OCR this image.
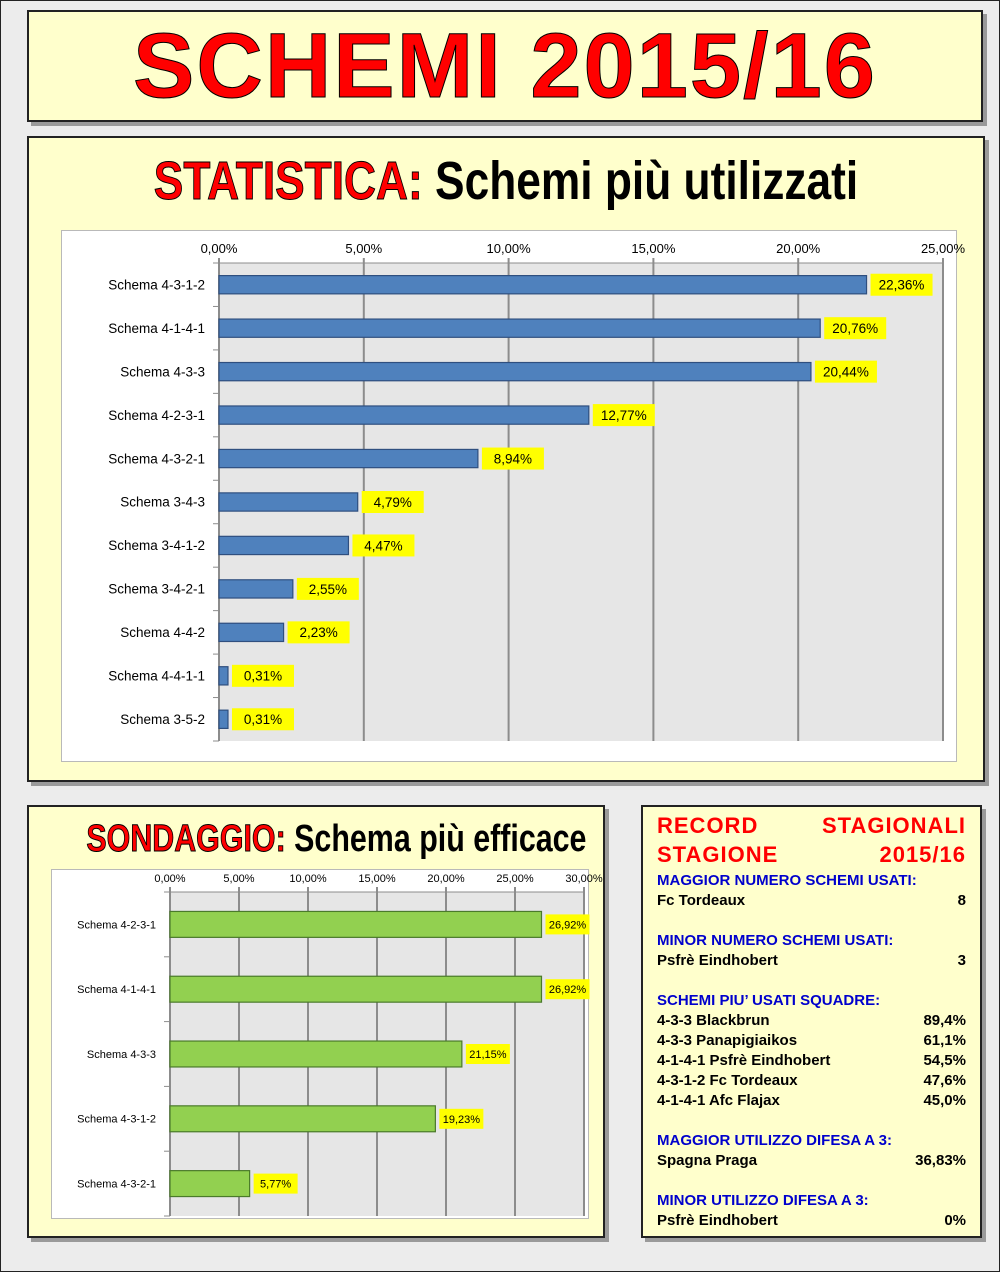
SCHEMI 2015/16
STATISTICA: Schemi più utilizzati
0,00%	5,00%	10,00%	15,00%	20,00%	25,00%
Schema 4-3-1-2	22,36%
Schema 4-1-4-1	20,76%
Schema 4-3-3	20,44%
Schema 4-2-3-1	12,77%
Schema 4-3-2-1	8,94%
Schema 3-4-3	4,79%
Schema 3-4-1-2	4,47%
Schema 3-4-2-1	2,55%
Schema 4-4-2	2,23%
Schema 4-4-1-1	0,31%
Schema 3-5-2	0,31%
SONDAGGIO: Schema più efficace
0,00%	5,00%	10,00%	15,00%	20,00%	25,00%	30,00%
Schema 4-2-3-1	26,92%
Schema 4-1-4-1	26,92%
Schema 4-3-3	21,15%
Schema 4-3-1-2	19,23%
Schema 4-3-2-1	5,77%
RECORD	STAGIONALI
STAGIONE	2015/16
MAGGIOR NUMERO SCHEMI USATI:
Fc Tordeaux	8
MINOR NUMERO SCHEMI USATI:
Psfrè Eindhobert	3
SCHEMI PIU’ USATI SQUADRE:
4-3-3 Blackbrun	89,4%
4-3-3 Panapigiaikos	61,1%
4-1-4-1 Psfrè Eindhobert	54,5%
4-3-1-2 Fc Tordeaux	47,6%
4-1-4-1 Afc Flajax	45,0%
MAGGIOR UTILIZZO DIFESA A 3:
Spagna Praga	36,83%
MINOR UTILIZZO DIFESA A 3:
Psfrè Eindhobert	0%
